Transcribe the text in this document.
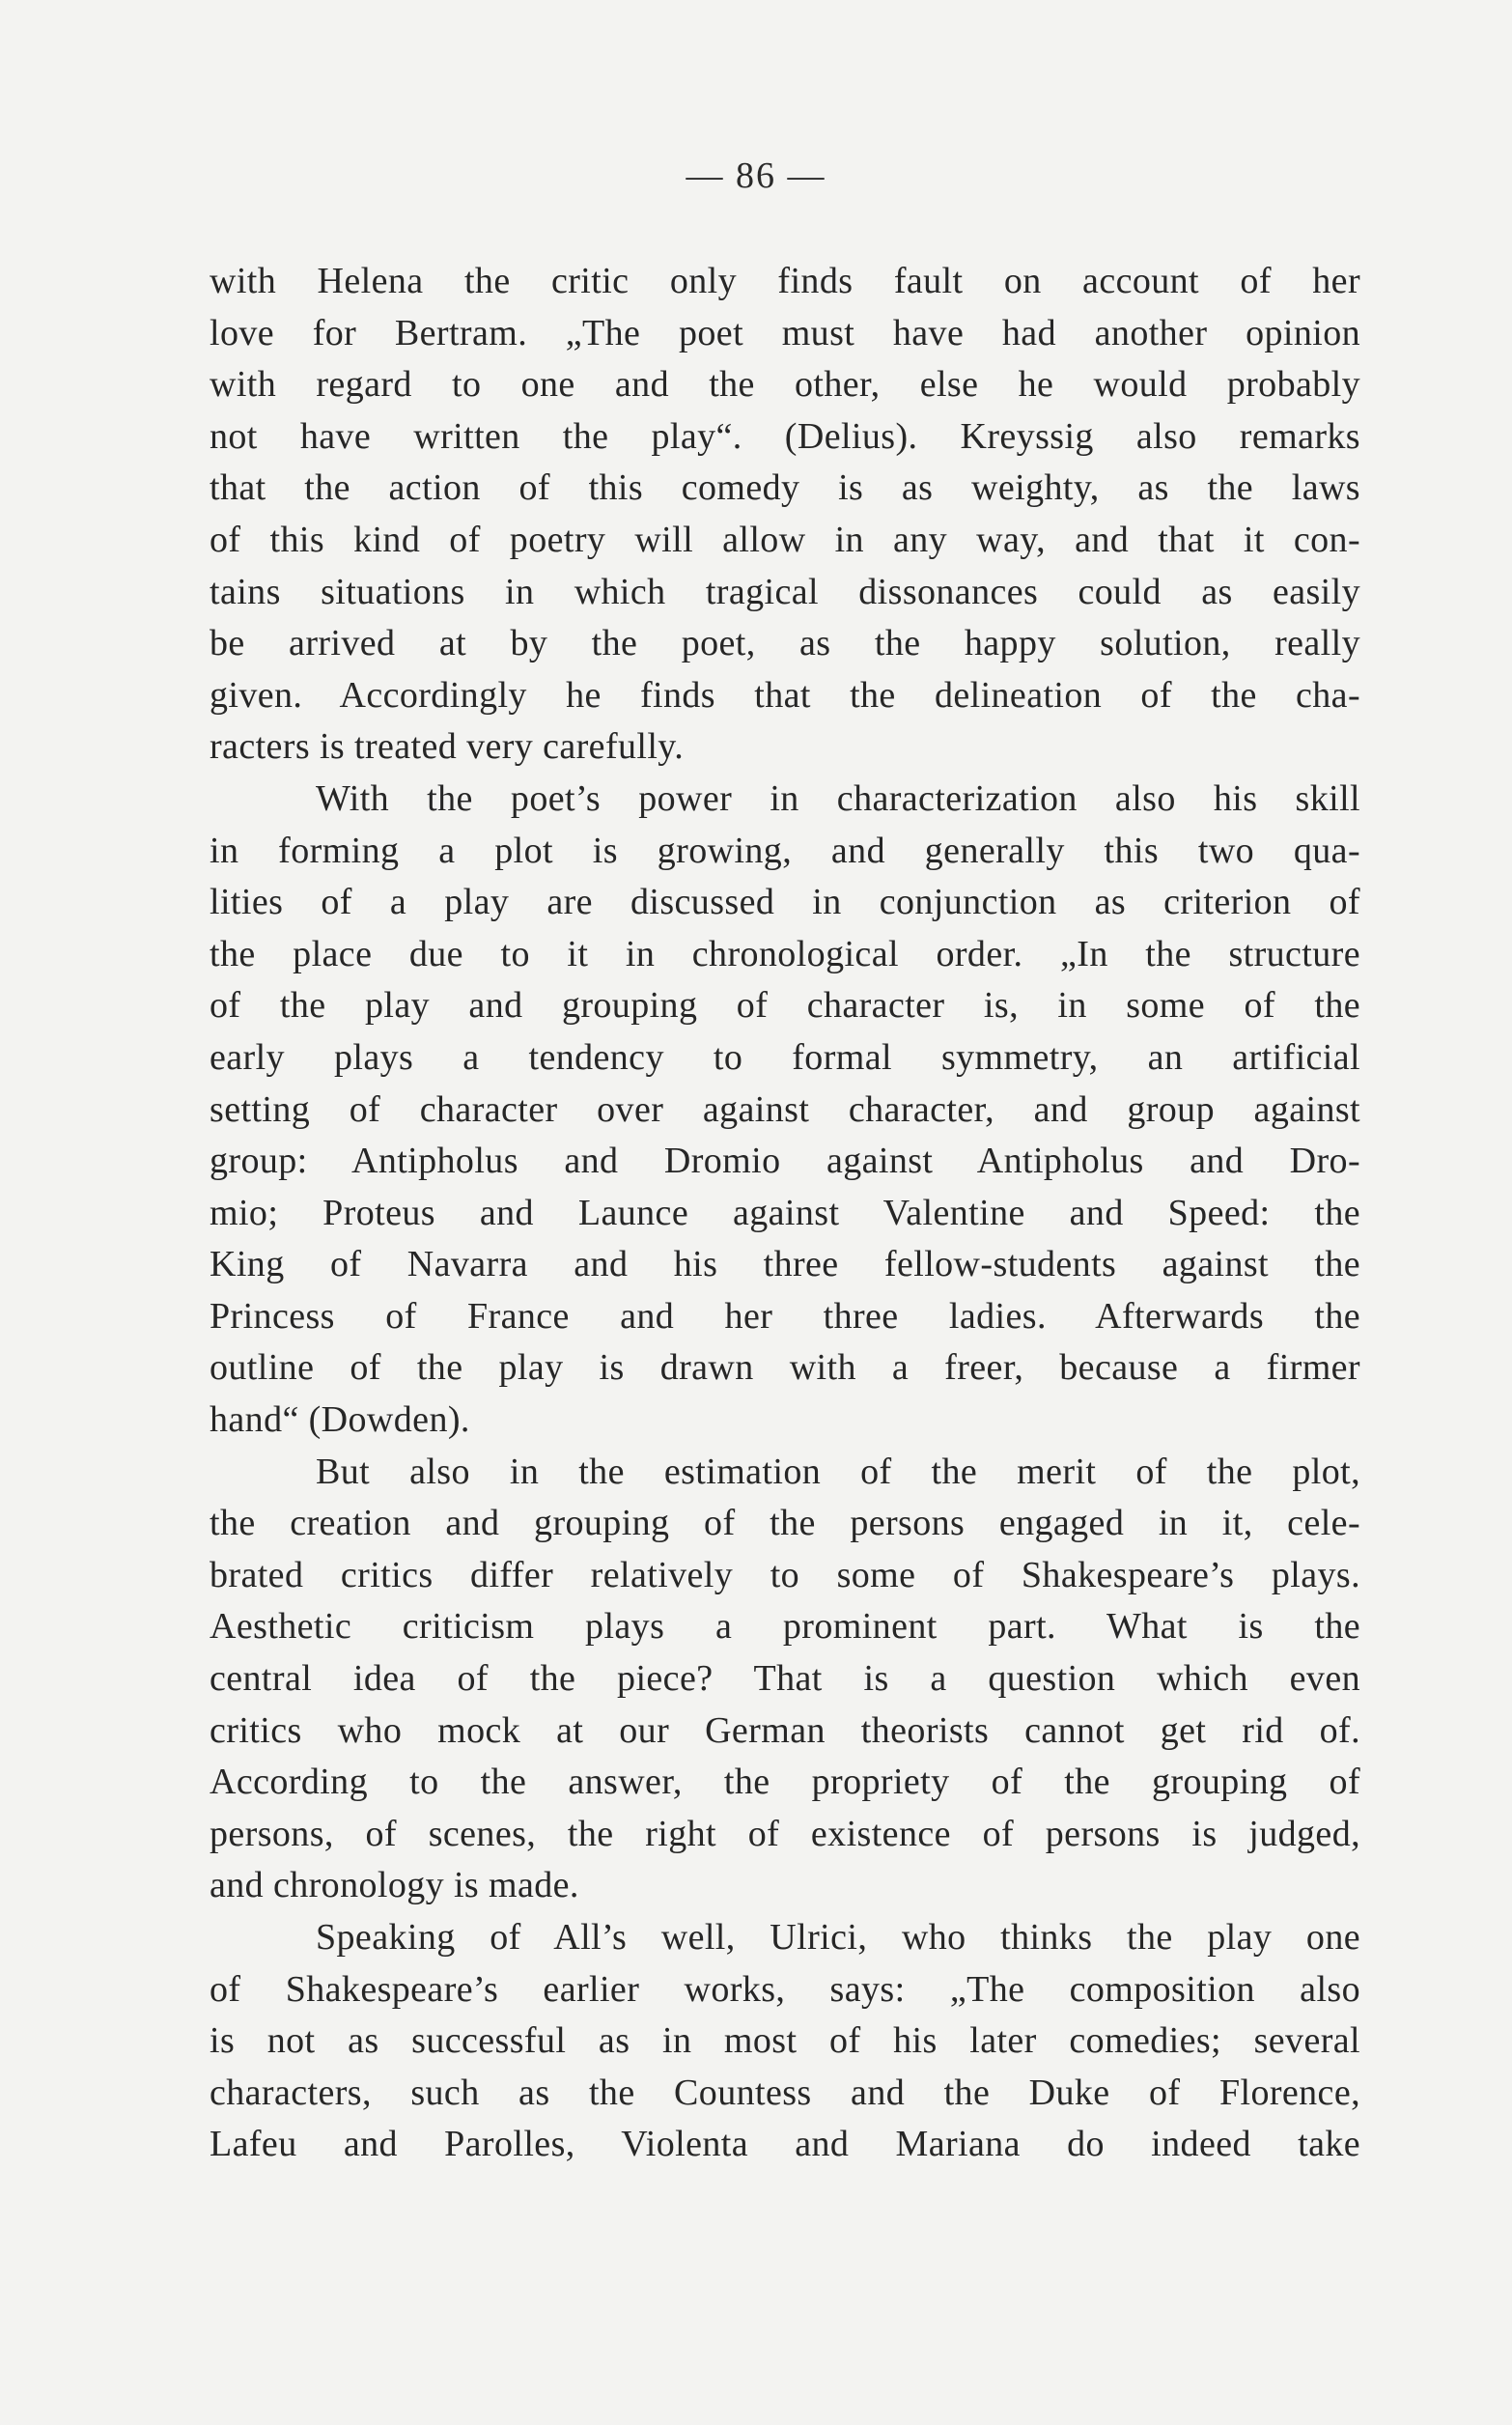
— 86 —
with Helena the critic only finds fault on account of her
love for Bertram. „The poet must have had another opinion
with regard to one and the other, else he would probably
not have written the play“. (Delius). Kreyssig also remarks
that the action of this comedy is as weighty, as the laws
of this kind of poetry will allow in any way, and that it con-
tains situations in which tragical dissonances could as easily
be arrived at by the poet, as the happy solution, really
given. Accordingly he finds that the delineation of the cha-
racters is treated very carefully.
With the poet’s power in characterization also his skill
in forming a plot is growing, and generally this two qua-
lities of a play are discussed in conjunction as criterion of
the place due to it in chronological order. „In the structure
of the play and grouping of character is, in some of the
early plays a tendency to formal symmetry, an artificial
setting of character over against character, and group against
group: Antipholus and Dromio against Antipholus and Dro-
mio; Proteus and Launce against Valentine and Speed: the
King of Navarra and his three fellow-students against the
Princess of France and her three ladies. Afterwards the
outline of the play is drawn with a freer, because a firmer
hand“ (Dowden).
But also in the estimation of the merit of the plot,
the creation and grouping of the persons engaged in it, cele-
brated critics differ relatively to some of Shakespeare’s plays.
Aesthetic criticism plays a prominent part. What is the
central idea of the piece? That is a question which even
critics who mock at our German theorists cannot get rid of.
According to the answer, the propriety of the grouping of
persons, of scenes, the right of existence of persons is judged,
and chronology is made.
Speaking of All’s well, Ulrici, who thinks the play one
of Shakespeare’s earlier works, says: „The composition also
is not as successful as in most of his later comedies; several
characters, such as the Countess and the Duke of Florence,
Lafeu and Parolles, Violenta and Mariana do indeed take
